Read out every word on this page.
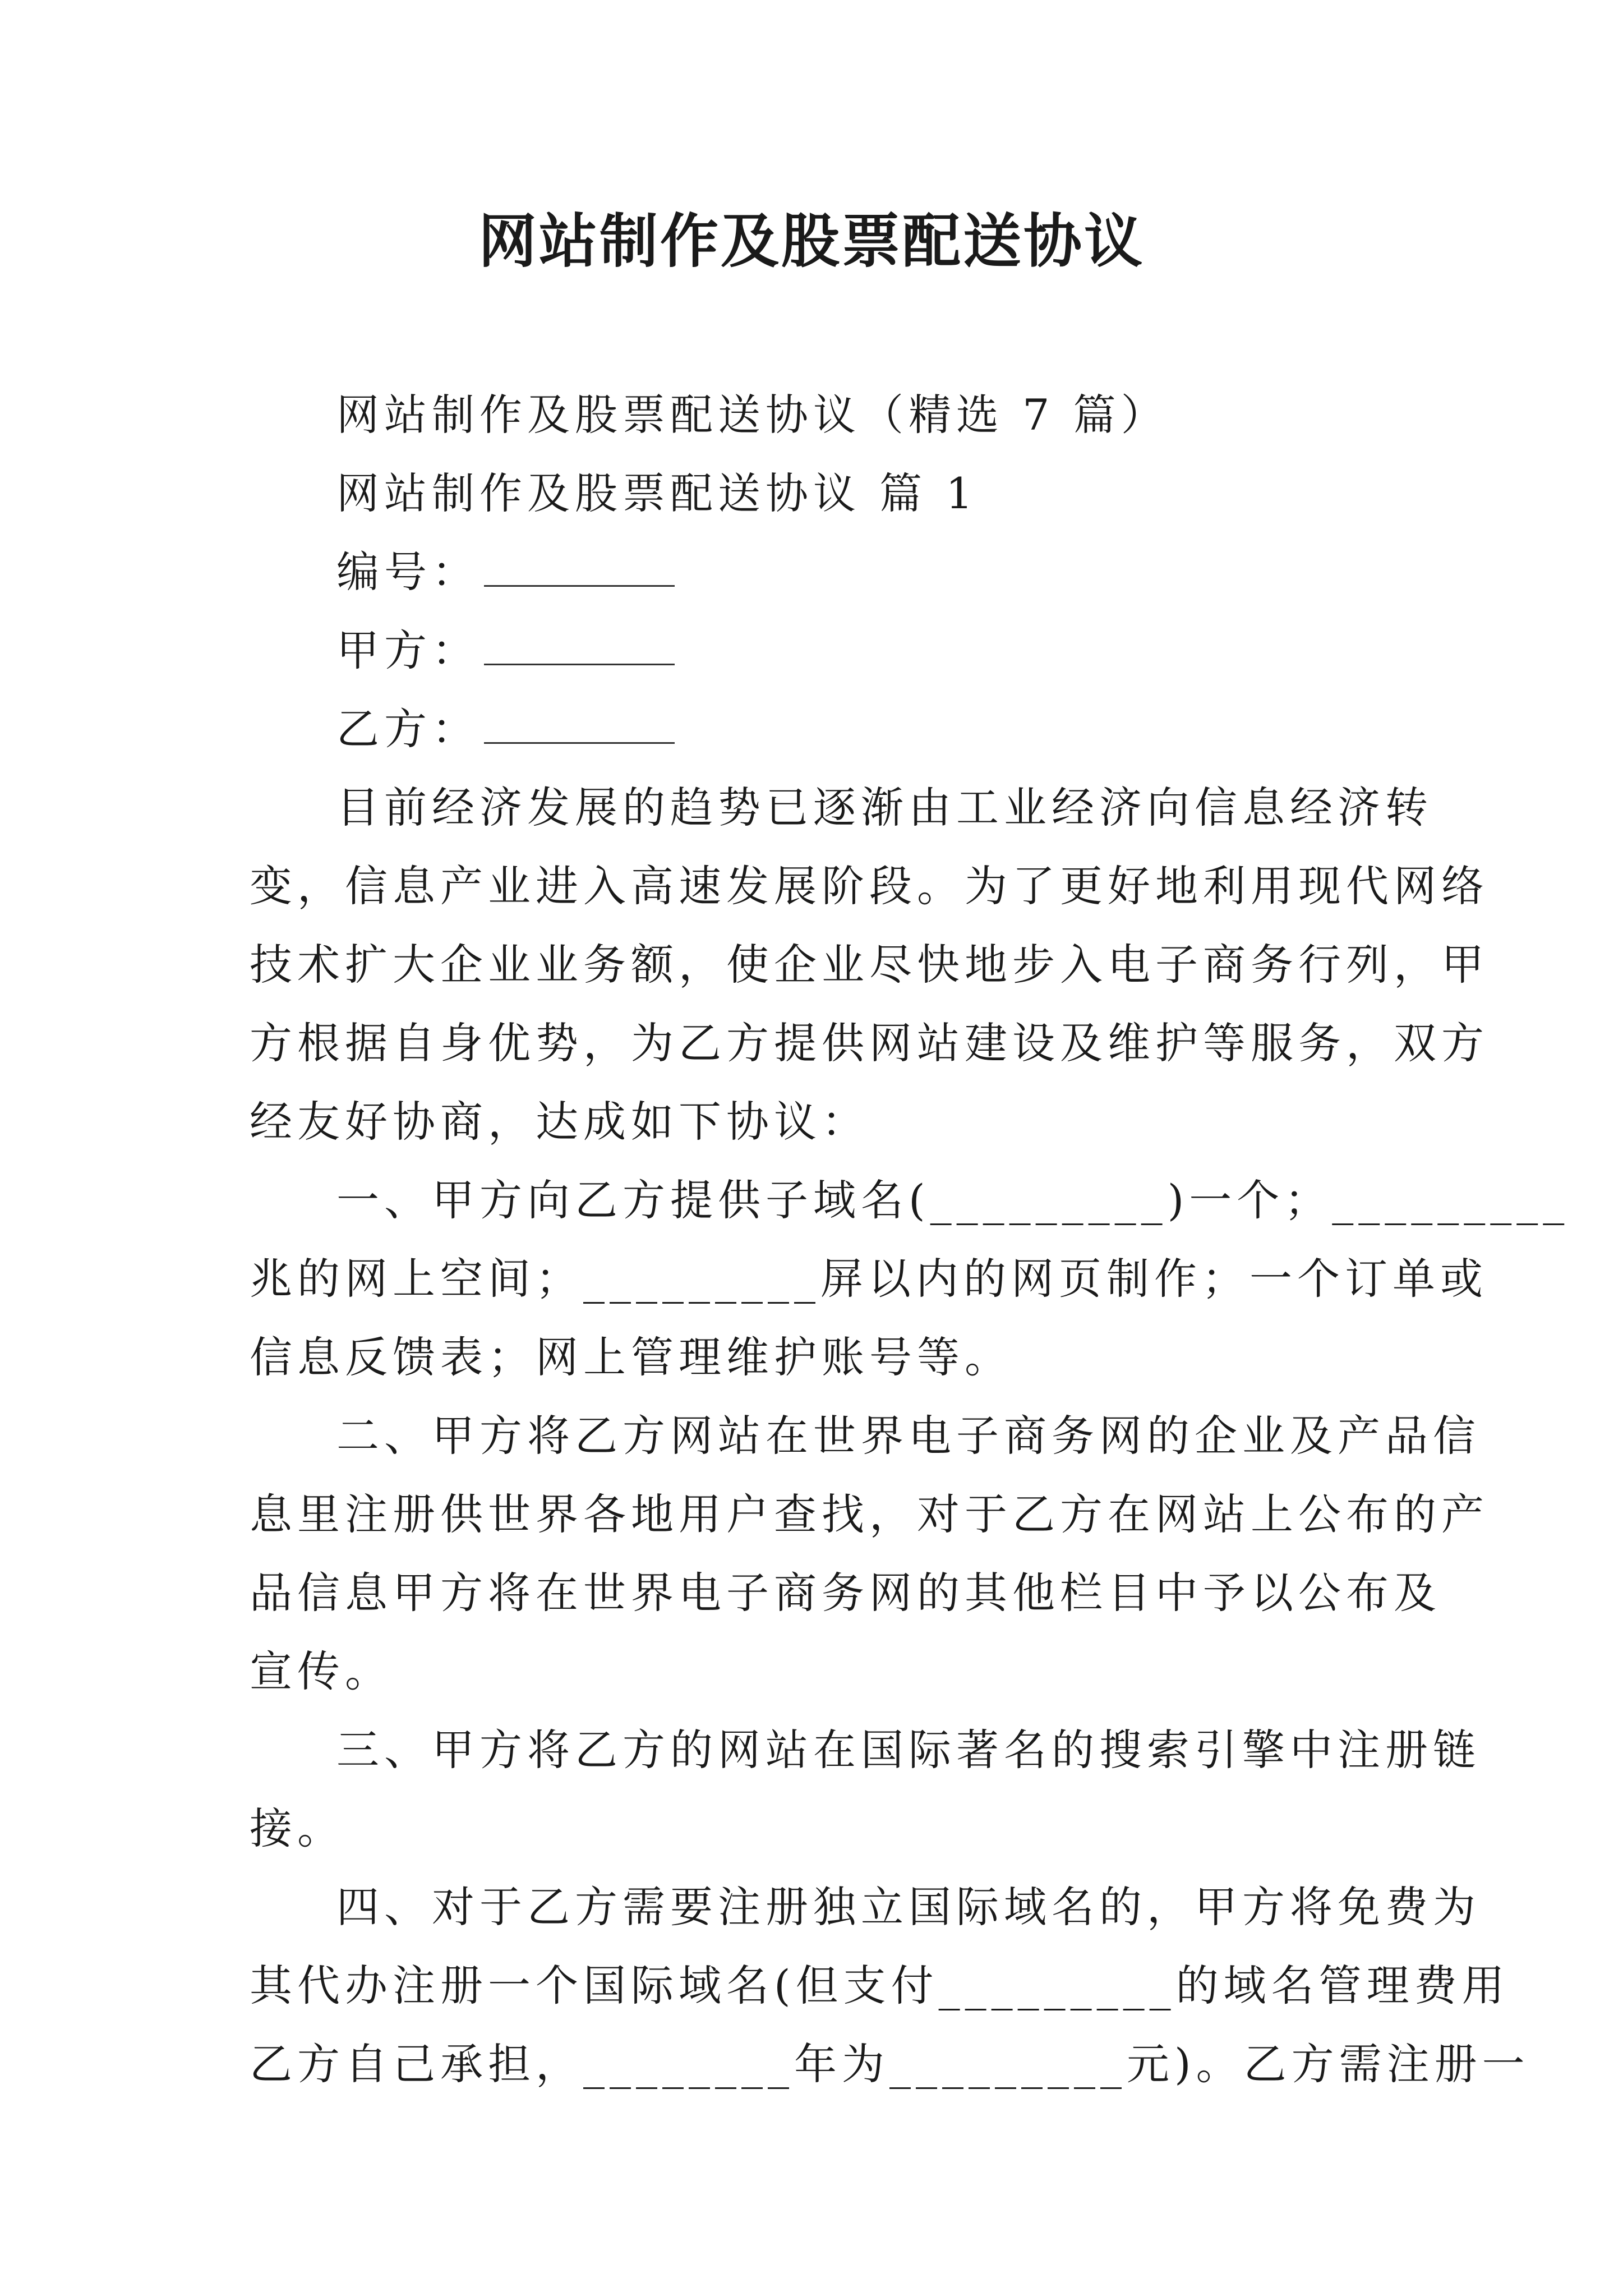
网站制作及股票配送协议
网站制作及股票配送协议（精选 7 篇）
网站制作及股票配送协议 篇 1
编号：
甲方：
乙方：
目前经济发展的趋势已逐渐由工业经济向信息经济转
变，信息产业进入高速发展阶段。为了更好地利用现代网络
技术扩大企业业务额，使企业尽快地步入电子商务行列，甲
方根据自身优势，为乙方提供网站建设及维护等服务，双方
经友好协商，达成如下协议：
一、甲方向乙方提供子域名(_________)一个；_________
兆的网上空间；_________屏以内的网页制作；一个订单或
信息反馈表；网上管理维护账号等。
二、甲方将乙方网站在世界电子商务网的企业及产品信
息里注册供世界各地用户查找，对于乙方在网站上公布的产
品信息甲方将在世界电子商务网的其他栏目中予以公布及
宣传。
三、甲方将乙方的网站在国际著名的搜索引擎中注册链
接。
四、对于乙方需要注册独立国际域名的，甲方将免费为
其代办注册一个国际域名(但支付_________的域名管理费用
乙方自己承担，________年为_________元)。乙方需注册一
